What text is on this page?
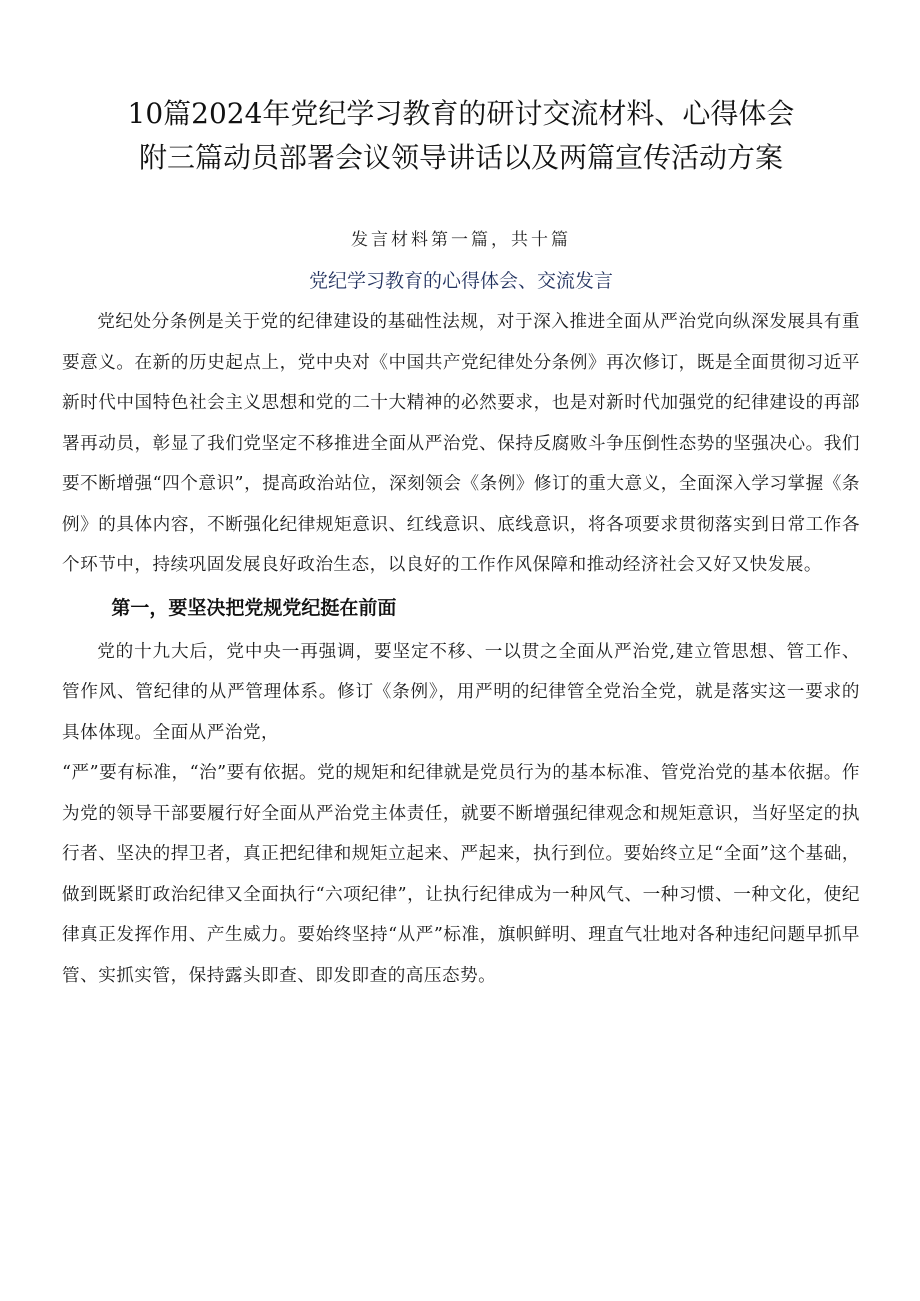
10篇2024年党纪学习教育的研讨交流材料、心得体会
附三篇动员部署会议领导讲话以及两篇宣传活动方案
发言材料第一篇，共十篇
党纪学习教育的心得体会、交流发言

党纪处分条例是关于党的纪律建设的基础性法规，对于深入推进全面从严治党向纵深发展具有重要意义。在新的历史起点上，党中央对《中国共产党纪律处分条例》再次修订，既是全面贯彻习近平新时代中国特色社会主义思想和党的二十大精神的必然要求，也是对新时代加强党的纪律建设的再部署再动员，彰显了我们党坚定不移推进全面从严治党、保持反腐败斗争压倒性态势的坚强决心。我们要不断增强“四个意识”，提高政治站位，深刻领会《条例》修订的重大意义，全面深入学习掌握《条例》的具体内容，不断强化纪律规矩意识、红线意识、底线意识，将各项要求贯彻落实到日常工作各个环节中，持续巩固发展良好政治生态，以良好的工作作风保障和推动经济社会又好又快发展。

第一，要坚决把党规党纪挺在前面

党的十九大后，党中央一再强调，要坚定不移、一以贯之全面从严治党,建立管思想、管工作、管作风、管纪律的从严管理体系。修订《条例》，用严明的纪律管全党治全党，就是落实这一要求的具体体现。全面从严治党，

“严”要有标准，“治”要有依据。党的规矩和纪律就是党员行为的基本标准、管党治党的基本依据。作为党的领导干部要履行好全面从严治党主体责任，就要不断增强纪律观念和规矩意识，当好坚定的执行者、坚决的捍卫者，真正把纪律和规矩立起来、严起来，执行到位。要始终立足“全面”这个基础，做到既紧盯政治纪律又全面执行“六项纪律”，让执行纪律成为一种风气、一种习惯、一种文化，使纪律真正发挥作用、产生威力。要始终坚持“从严”标准，旗帜鲜明、理直气壮地对各种违纪问题早抓早管、实抓实管，保持露头即查、即发即查的高压态势。
